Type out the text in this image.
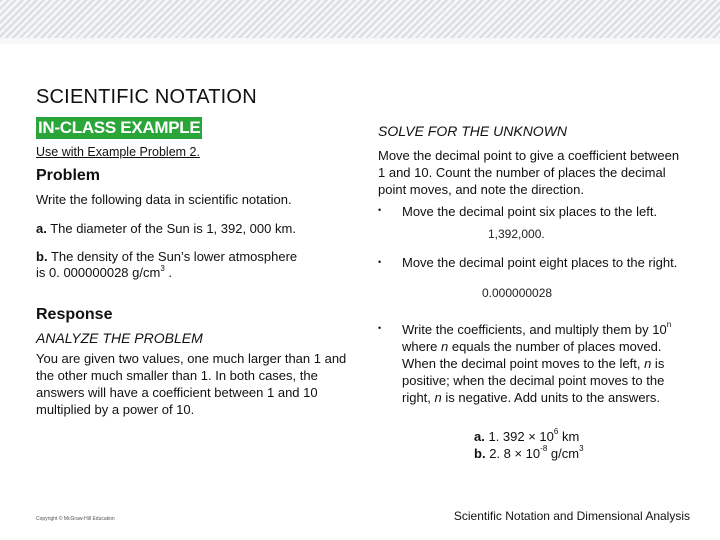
SCIENTIFIC NOTATION
IN-CLASS EXAMPLE
Use with Example Problem 2.
Problem
Write the following data in scientific notation.
a. The diameter of the Sun is 1, 392, 000 km.
b. The density of the Sun’s lower atmosphere
is 0. 000000028 $g/cm^3$ .
Response
ANALYZE THE PROBLEM
You are given two values, one much larger than 1 and the other much smaller than 1. In both cases, the answers will have a coefficient between 1 and 10 multiplied by a power of 10.
SOLVE FOR THE UNKNOWN
Move the decimal point to give a coefficient between 1 and 10. Count the number of places the decimal point moves, and note the direction.
• Move the decimal point six places to the left.
1,392,000.
• Move the decimal point eight places to the right.
0.000000028
• Write the coefficients, and multiply them by 10$^n$ where n equals the number of places moved. When the decimal point moves to the left, n is positive; when the decimal point moves to the right, n is negative. Add units to the answers.
a. 1. $392 \times 10^6$ km
b. 2. $8 \times 10^{-8}$ $g/cm^3$
Copyright © McGraw-Hill Education	Scientific Notation and Dimensional Analysis
